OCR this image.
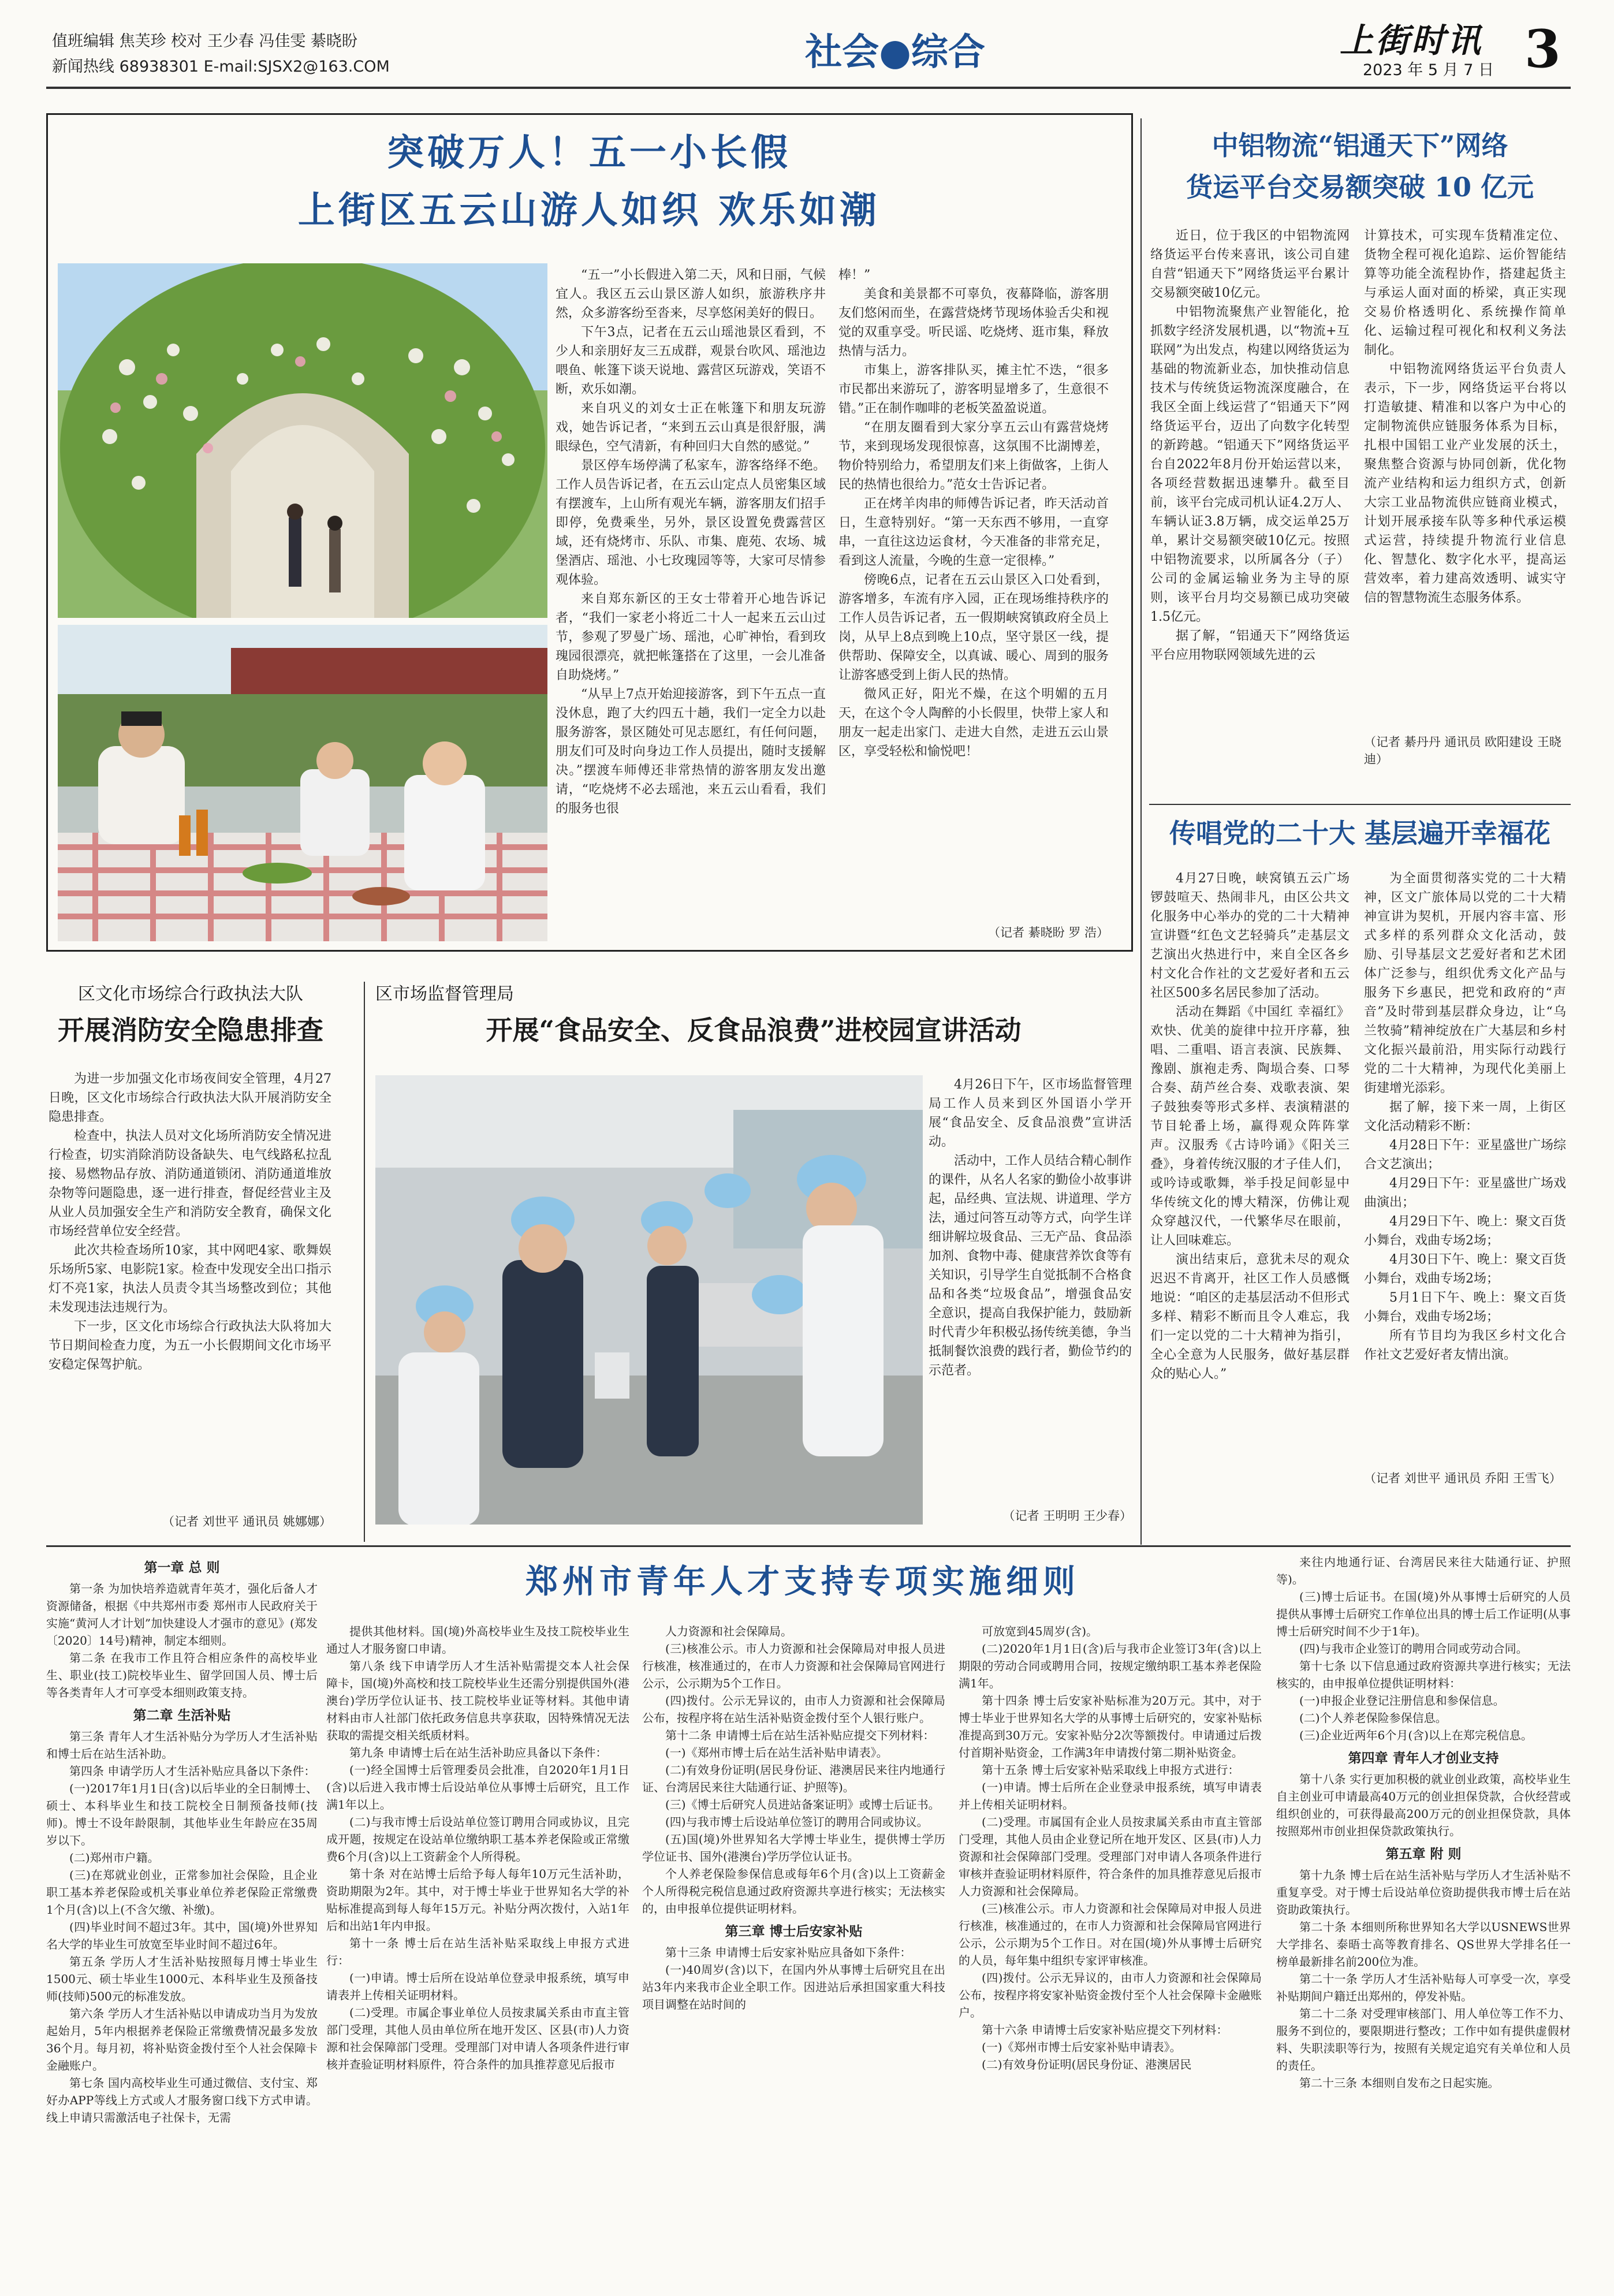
值班编辑 焦芙珍 校对 王少春 冯佳雯 綦晓盼
新闻热线 68938301 E-mail:SJSX2@163.COM	社会●综合	上街时讯
2023 年 5 月 7 日 3
突破万人！五一小长假
上街区五云山游人如织 欢乐如潮

“五一”小长假进入第二天，风和日丽，气候宜人。我区五云山景区游人如织，旅游秩序井然，众多游客纷至沓来，尽享悠闲美好的假日。

下午3点，记者在五云山瑶池景区看到，不少人和亲朋好友三五成群，观景台吹风、瑶池边喂鱼、帐篷下谈天说地、露营区玩游戏，笑语不断，欢乐如潮。

来自巩义的刘女士正在帐篷下和朋友玩游戏，她告诉记者，“来到五云山真是很舒服，满眼绿色，空气清新，有种回归大自然的感觉。”

景区停车场停满了私家车，游客络绎不绝。工作人员告诉记者，在五云山定点人员密集区域有摆渡车，上山所有观光车辆，游客朋友们招手即停，免费乘坐，另外，景区设置免费露营区域，还有烧烤市、乐队、市集、鹿苑、农场、城堡酒店、瑶池、小七玫瑰园等等，大家可尽情参观体验。

来自郑东新区的王女士带着开心地告诉记者，“我们一家老小将近二十人一起来五云山过节，参观了罗曼广场、瑶池，心旷神怡，看到玫瑰园很漂亮，就把帐篷搭在了这里，一会儿准备自助烧烤。”

“从早上7点开始迎接游客，到下午五点一直没休息，跑了大约四五十趟，我们一定全力以赴服务游客，景区随处可见志愿红，有任何问题，朋友们可及时向身边工作人员提出，随时支援解决。”摆渡车师傅还非常热情的游客朋友发出邀请，“吃烧烤不必去瑶池，来五云山看看，我们的服务也很

棒！”

美食和美景都不可辜负，夜幕降临，游客朋友们悠闲而坐，在露营烧烤节现场体验舌尖和视觉的双重享受。听民谣、吃烧烤、逛市集，释放热情与活力。

市集上，游客排队买，摊主忙不迭，“很多市民都出来游玩了，游客明显增多了，生意很不错。”正在制作咖啡的老板笑盈盈说道。

“在朋友圈看到大家分享五云山有露营烧烤节，来到现场发现很惊喜，这氛围不比湖博差，物价特别给力，希望朋友们来上街做客，上街人民的热情也很给力。”范女士告诉记者。

正在烤羊肉串的师傅告诉记者，昨天活动首日，生意特别好。“第一天东西不够用，一直穿串，一直往这边运食材，今天准备的非常充足，看到这人流量，今晚的生意一定很棒。”

傍晚6点，记者在五云山景区入口处看到，游客增多，车流有序入园，正在现场维持秩序的工作人员告诉记者，五一假期峡窝镇政府全员上岗，从早上8点到晚上10点，坚守景区一线，提供帮助、保障安全，以真诚、暖心、周到的服务让游客感受到上街人民的热情。

微风正好，阳光不燥，在这个明媚的五月天，在这个令人陶醉的小长假里，快带上家人和朋友一起走出家门、走进大自然，走进五云山景区，享受轻松和愉悦吧！

（记者 綦晓盼 罗 浩）
中铝物流“铝通天下”网络
货运平台交易额突破 10 亿元

近日，位于我区的中铝物流网络货运平台传来喜讯，该公司自建自营“铝通天下”网络货运平台累计交易额突破10亿元。

中铝物流聚焦产业智能化，抢抓数字经济发展机遇，以“物流+互联网”为出发点，构建以网络货运为基础的物流新业态，加快推动信息技术与传统货运物流深度融合，在我区全面上线运营了“铝通天下”网络货运平台，迈出了向数字化转型的新跨越。“铝通天下”网络货运平台自2022年8月份开始运营以来，各项经营数据迅速攀升。截至目前，该平台完成司机认证4.2万人、车辆认证3.8万辆，成交运单25万单，累计交易额突破10亿元。按照中铝物流要求，以所属各分（子）公司的金属运输业务为主导的原则，该平台月均交易额已成功突破1.5亿元。

据了解，“铝通天下”网络货运平台应用物联网领域先进的云

计算技术，可实现车货精准定位、货物全程可视化追踪、运价智能结算等功能全流程协作，搭建起货主与承运人面对面的桥梁，真正实现交易价格透明化、系统操作简单化、运输过程可视化和权利义务法制化。

中铝物流网络货运平台负责人表示，下一步，网络货运平台将以打造敏捷、精准和以客户为中心的定制物流供应链服务体系为目标，扎根中国铝工业产业发展的沃土，聚焦整合资源与协同创新，优化物流产业结构和运力组织方式，创新大宗工业品物流供应链商业模式，计划开展承接车队等多种代承运模式运营，持续提升物流行业信息化、智慧化、数字化水平，提高运营效率，着力建高效透明、诚实守信的智慧物流生态服务体系。

（记者 綦丹丹 通讯员 欧阳建设 王晓迪）
传唱党的二十大 基层遍开幸福花

4月27日晚，峡窝镇五云广场锣鼓喧天、热闹非凡，由区公共文化服务中心举办的党的二十大精神宣讲暨“红色文艺轻骑兵”走基层文艺演出火热进行中，来自全区各乡村文化合作社的文艺爱好者和五云社区500多名居民参加了活动。

活动在舞蹈《中国红 幸福红》欢快、优美的旋律中拉开序幕，独唱、二重唱、语言表演、民族舞、豫剧、旗袍走秀、陶埙合奏、口琴合奏、葫芦丝合奏、戏歌表演、架子鼓独奏等形式多样、表演精湛的节目轮番上场，赢得观众阵阵掌声。汉服秀《古诗吟诵》《阳关三叠》，身着传统汉服的才子佳人们，或吟诗或歌舞，举手投足间彰显中华传统文化的博大精深，仿佛让观众穿越汉代，一代繁华尽在眼前，让人回味难忘。

演出结束后，意犹未尽的观众迟迟不肯离开，社区工作人员感慨地说：“咱区的走基层活动不但形式多样、精彩不断而且令人难忘，我们一定以党的二十大精神为指引，全心全意为人民服务，做好基层群众的贴心人。”

为全面贯彻落实党的二十大精神，区文广旅体局以党的二十大精神宣讲为契机，开展内容丰富、形式多样的系列群众文化活动，鼓励、引导基层文艺爱好者和艺术团体广泛参与，组织优秀文化产品与服务下乡惠民，把党和政府的“声音”及时带到基层群众身边，让“乌兰牧骑”精神绽放在广大基层和乡村文化振兴最前沿，用实际行动践行党的二十大精神，为现代化美丽上街建增光添彩。

据了解，接下来一周，上街区文化活动精彩不断：

4月28日下午：亚星盛世广场综合文艺演出；

4月29日下午：亚星盛世广场戏曲演出；

4月29日下午、晚上：聚文百货小舞台，戏曲专场2场；

4月30日下午、晚上：聚文百货小舞台，戏曲专场2场；

5月1日下午、晚上：聚文百货小舞台，戏曲专场2场；

所有节目均为我区乡村文化合作社文艺爱好者友情出演。

（记者 刘世平 通讯员 乔阳 王雪飞）
区文化市场综合行政执法大队
开展消防安全隐患排查

为进一步加强文化市场夜间安全管理，4月27日晚，区文化市场综合行政执法大队开展消防安全隐患排查。

检查中，执法人员对文化场所消防安全情况进行检查，切实消除消防设备缺失、电气线路私拉乱接、易燃物品存放、消防通道锁闭、消防通道堆放杂物等问题隐患，逐一进行排查，督促经营业主及从业人员加强安全生产和消防安全教育，确保文化市场经营单位安全经营。

此次共检查场所10家，其中网吧4家、歌舞娱乐场所5家、电影院1家。检查中发现安全出口指示灯不亮1家，执法人员责令其当场整改到位；其他未发现违法违规行为。

下一步，区文化市场综合行政执法大队将加大节日期间检查力度，为五一小长假期间文化市场平安稳定保驾护航。

（记者 刘世平 通讯员 姚娜娜）
区市场监督管理局
开展“食品安全、反食品浪费”进校园宣讲活动

4月26日下午，区市场监督管理局工作人员来到区外国语小学开展“食品安全、反食品浪费”宣讲活动。

活动中，工作人员结合精心制作的课件，从名人名家的勤俭小故事讲起，品经典、宣法规、讲道理、学方法，通过问答互动等方式，向学生详细讲解垃圾食品、三无产品、食品添加剂、食物中毒、健康营养饮食等有关知识，引导学生自觉抵制不合格食品和各类“垃圾食品”，增强食品安全意识，提高自我保护能力，鼓励新时代青少年积极弘扬传统美德，争当抵制餐饮浪费的践行者，勤俭节约的示范者。

（记者 王明明 王少春）
郑州市青年人才支持专项实施细则
第一章 总 则

第一条 为加快培养造就青年英才，强化后备人才资源储备，根据《中共郑州市委 郑州市人民政府关于实施“黄河人才计划”加快建设人才强市的意见》(郑发〔2020〕14号)精神，制定本细则。

第二条 在我市工作且符合相应条件的高校毕业生、职业(技工)院校毕业生、留学回国人员、博士后等各类青年人才可享受本细则政策支持。

第二章 生活补贴

第三条 青年人才生活补贴分为学历人才生活补贴和博士后在站生活补助。

第四条 申请学历人才生活补贴应具备以下条件：

(一)2017年1月1日(含)以后毕业的全日制博士、硕士、本科毕业生和技工院校全日制预备技师(技师)。博士不设年龄限制，其他毕业生年龄应在35周岁以下。

(二)郑州市户籍。

(三)在郑就业创业，正常参加社会保险，且企业职工基本养老保险或机关事业单位养老保险正常缴费1个月(含)以上(不含欠缴、补缴)。

(四)毕业时间不超过3年。其中，国(境)外世界知名大学的毕业生可放宽至毕业时间不超过6年。

第五条 学历人才生活补贴按照每月博士毕业生1500元、硕士毕业生1000元、本科毕业生及预备技师(技师)500元的标准发放。

第六条 学历人才生活补贴以申请成功当月为发放起始月，5年内根据养老保险正常缴费情况最多发放36个月。每月初，将补贴资金拨付至个人社会保障卡金融账户。

第七条 国内高校毕业生可通过微信、支付宝、郑好办APP等线上方式或人才服务窗口线下方式申请。线上申请只需激活电子社保卡，无需

提供其他材料。国(境)外高校毕业生及技工院校毕业生通过人才服务窗口申请。

第八条 线下申请学历人才生活补贴需提交本人社会保障卡，国(境)外高校和技工院校毕业生还需分别提供国外(港澳台)学历学位认证书、技工院校毕业证等材料。其他申请材料由市人社部门依托政务信息共享获取，因特殊情况无法获取的需提交相关纸质材料。

第九条 申请博士后在站生活补助应具备以下条件：

(一)经全国博士后管理委员会批准，自2020年1月1日(含)以后进入我市博士后设站单位从事博士后研究，且工作满1年以上。

(二)与我市博士后设站单位签订聘用合同或协议，且完成开题，按规定在设站单位缴纳职工基本养老保险或正常缴费6个月(含)以上工资薪金个人所得税。

第十条 对在站博士后给予每人每年10万元生活补助，资助期限为2年。其中，对于博士毕业于世界知名大学的补贴标准提高到每人每年15万元。补贴分两次拨付，入站1年后和出站1年内申报。

第十一条 博士后在站生活补贴采取线上申报方式进行：

(一)申请。博士后所在设站单位登录申报系统，填写申请表并上传相关证明材料。

(二)受理。市属企事业单位人员按隶属关系由市直主管部门受理，其他人员由单位所在地开发区、区县(市)人力资源和社会保障部门受理。受理部门对申请人各项条件进行审核并查验证明材料原件，符合条件的加具推荐意见后报市

人力资源和社会保障局。

(三)核准公示。市人力资源和社会保障局对申报人员进行核准，核准通过的，在市人力资源和社会保障局官网进行公示，公示期为5个工作日。

(四)拨付。公示无异议的，由市人力资源和社会保障局公布，按程序将在站生活补贴资金拨付至个人银行账户。

第十二条 申请博士后在站生活补贴应提交下列材料：

(一)《郑州市博士后在站生活补贴申请表》。

(二)有效身份证明(居民身份证、港澳居民来往内地通行证、台湾居民来往大陆通行证、护照等)。

(三)《博士后研究人员进站备案证明》或博士后证书。

(四)与我市博士后设站单位签订的聘用合同或协议。

(五)国(境)外世界知名大学博士毕业生，提供博士学历学位证书、国外(港澳台)学历学位认证书。

个人养老保险参保信息或每年6个月(含)以上工资薪金个人所得税完税信息通过政府资源共享进行核实；无法核实的，由申报单位提供证明材料。

第三章 博士后安家补贴

第十三条 申请博士后安家补贴应具备如下条件：

(一)40周岁(含)以下，在国内外从事博士后研究且在出站3年内来我市企业全职工作。因进站后承担国家重大科技项目调整在站时间的

可放宽到45周岁(含)。

(二)2020年1月1日(含)后与我市企业签订3年(含)以上期限的劳动合同或聘用合同，按规定缴纳职工基本养老保险满1年。

第十四条 博士后安家补贴标准为20万元。其中，对于博士毕业于世界知名大学的从事博士后研究的，安家补贴标准提高到30万元。安家补贴分2次等额拨付。申请通过后拨付首期补贴资金，工作满3年申请拨付第二期补贴资金。

第十五条 博士后安家补贴采取线上申报方式进行：

(一)申请。博士后所在企业登录申报系统，填写申请表并上传相关证明材料。

(二)受理。市属国有企业人员按隶属关系由市直主管部门受理，其他人员由企业登记所在地开发区、区县(市)人力资源和社会保障部门受理。受理部门对申请人各项条件进行审核并查验证明材料原件，符合条件的加具推荐意见后报市人力资源和社会保障局。

(三)核准公示。市人力资源和社会保障局对申报人员进行核准，核准通过的，在市人力资源和社会保障局官网进行公示，公示期为5个工作日。对在国(境)外从事博士后研究的人员，每年集中组织专家评审核准。

(四)拨付。公示无异议的，由市人力资源和社会保障局公布，按程序将安家补贴资金拨付至个人社会保障卡金融账户。

第十六条 申请博士后安家补贴应提交下列材料：

(一)《郑州市博士后安家补贴申请表》。

(二)有效身份证明(居民身份证、港澳居民

来往内地通行证、台湾居民来往大陆通行证、护照等)。

(三)博士后证书。在国(境)外从事博士后研究的人员提供从事博士后研究工作单位出具的博士后工作证明(从事博士后研究时间不少于1年)。

(四)与我市企业签订的聘用合同或劳动合同。

第十七条 以下信息通过政府资源共享进行核实；无法核实的，由申报单位提供证明材料：

(一)申报企业登记注册信息和参保信息。

(二)个人养老保险参保信息。

(三)企业近两年6个月(含)以上在郑完税信息。

第四章 青年人才创业支持

第十八条 实行更加积极的就业创业政策，高校毕业生自主创业可申请最高40万元的创业担保贷款，合伙经营或组织创业的，可获得最高200万元的创业担保贷款，具体按照郑州市创业担保贷款政策执行。

第五章 附 则

第十九条 博士后在站生活补贴与学历人才生活补贴不重复享受。对于博士后设站单位资助提供我市博士后在站资助政策执行。

第二十条 本细则所称世界知名大学以USNEWS世界大学排名、泰晤士高等教育排名、QS世界大学排名任一榜单最新排名前200位为准。

第二十一条 学历人才生活补贴每人可享受一次，享受补贴期间户籍迁出郑州的，停发补贴。

第二十二条 对受理审核部门、用人单位等工作不力、服务不到位的，要限期进行整改；工作中如有提供虚假材料、失职渎职等行为，按照有关规定追究有关单位和人员的责任。

第二十三条 本细则自发布之日起实施。
